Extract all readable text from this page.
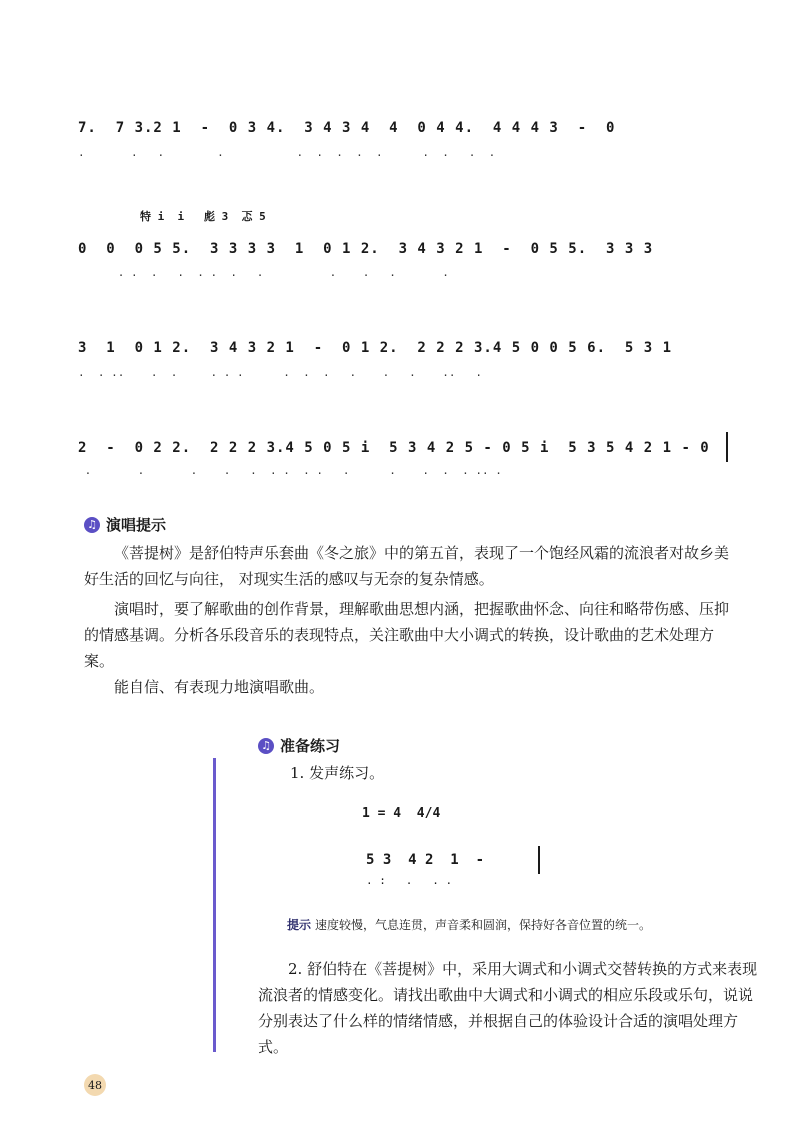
7.  7 3.2 1  -  0 3 4.  3 4 3 4  4  0 4 4.  4 4 4 3  -  0
.       .   .        .           .  .  .  .  .      .  .   .  .
特 i  i   彪 3  忑 5
0  0  0 5 5.  3 3 3 3  1  0 1 2.  3 4 3 2 1  -  0 5 5.  3 3 3
. .  .   .  . .  .   .          .    .   .       .
3  1  0 1 2.  3 4 3 2 1  -  0 1 2.  2 2 2 3.4 5 0 0 5 6.  5 3 1
.  . ..    .  .     . . .      .  .  .   .    .   .    ..   .
2  -  0 2 2.  2 2 2 3.4 5 0 5 i  5 3 4 2 5 - 0 5 i  5 3 5 4 2 1 - 0
.       .       .    .   .  . .  . .   .      .    .  .  . .. .
♫ 演唱提示

《菩提树》是舒伯特声乐套曲《冬之旅》中的第五首，表现了一个饱经风霜的流浪者对故乡美好生活的回忆与向往， 对现实生活的感叹与无奈的复杂情感。

演唱时，要了解歌曲的创作背景，理解歌曲思想内涵，把握歌曲怀念、向往和略带伤感、压抑的情感基调。分析各乐段音乐的表现特点，关注歌曲中大小调式的转换，设计歌曲的艺术处理方案。

能自信、有表现力地演唱歌曲。

♫ 准备练习

1. 发声练习。

1 = 4  4/4
5 3  4 2  1  -
. :   .   . .
提示 速度较慢，气息连贯，声音柔和圆润，保持好各音位置的统一。

2. 舒伯特在《菩提树》中，采用大调式和小调式交替转换的方式来表现流浪者的情感变化。请找出歌曲中大调式和小调式的相应乐段或乐句，说说分别表达了什么样的情绪情感，并根据自己的体验设计合适的演唱处理方式。

48
